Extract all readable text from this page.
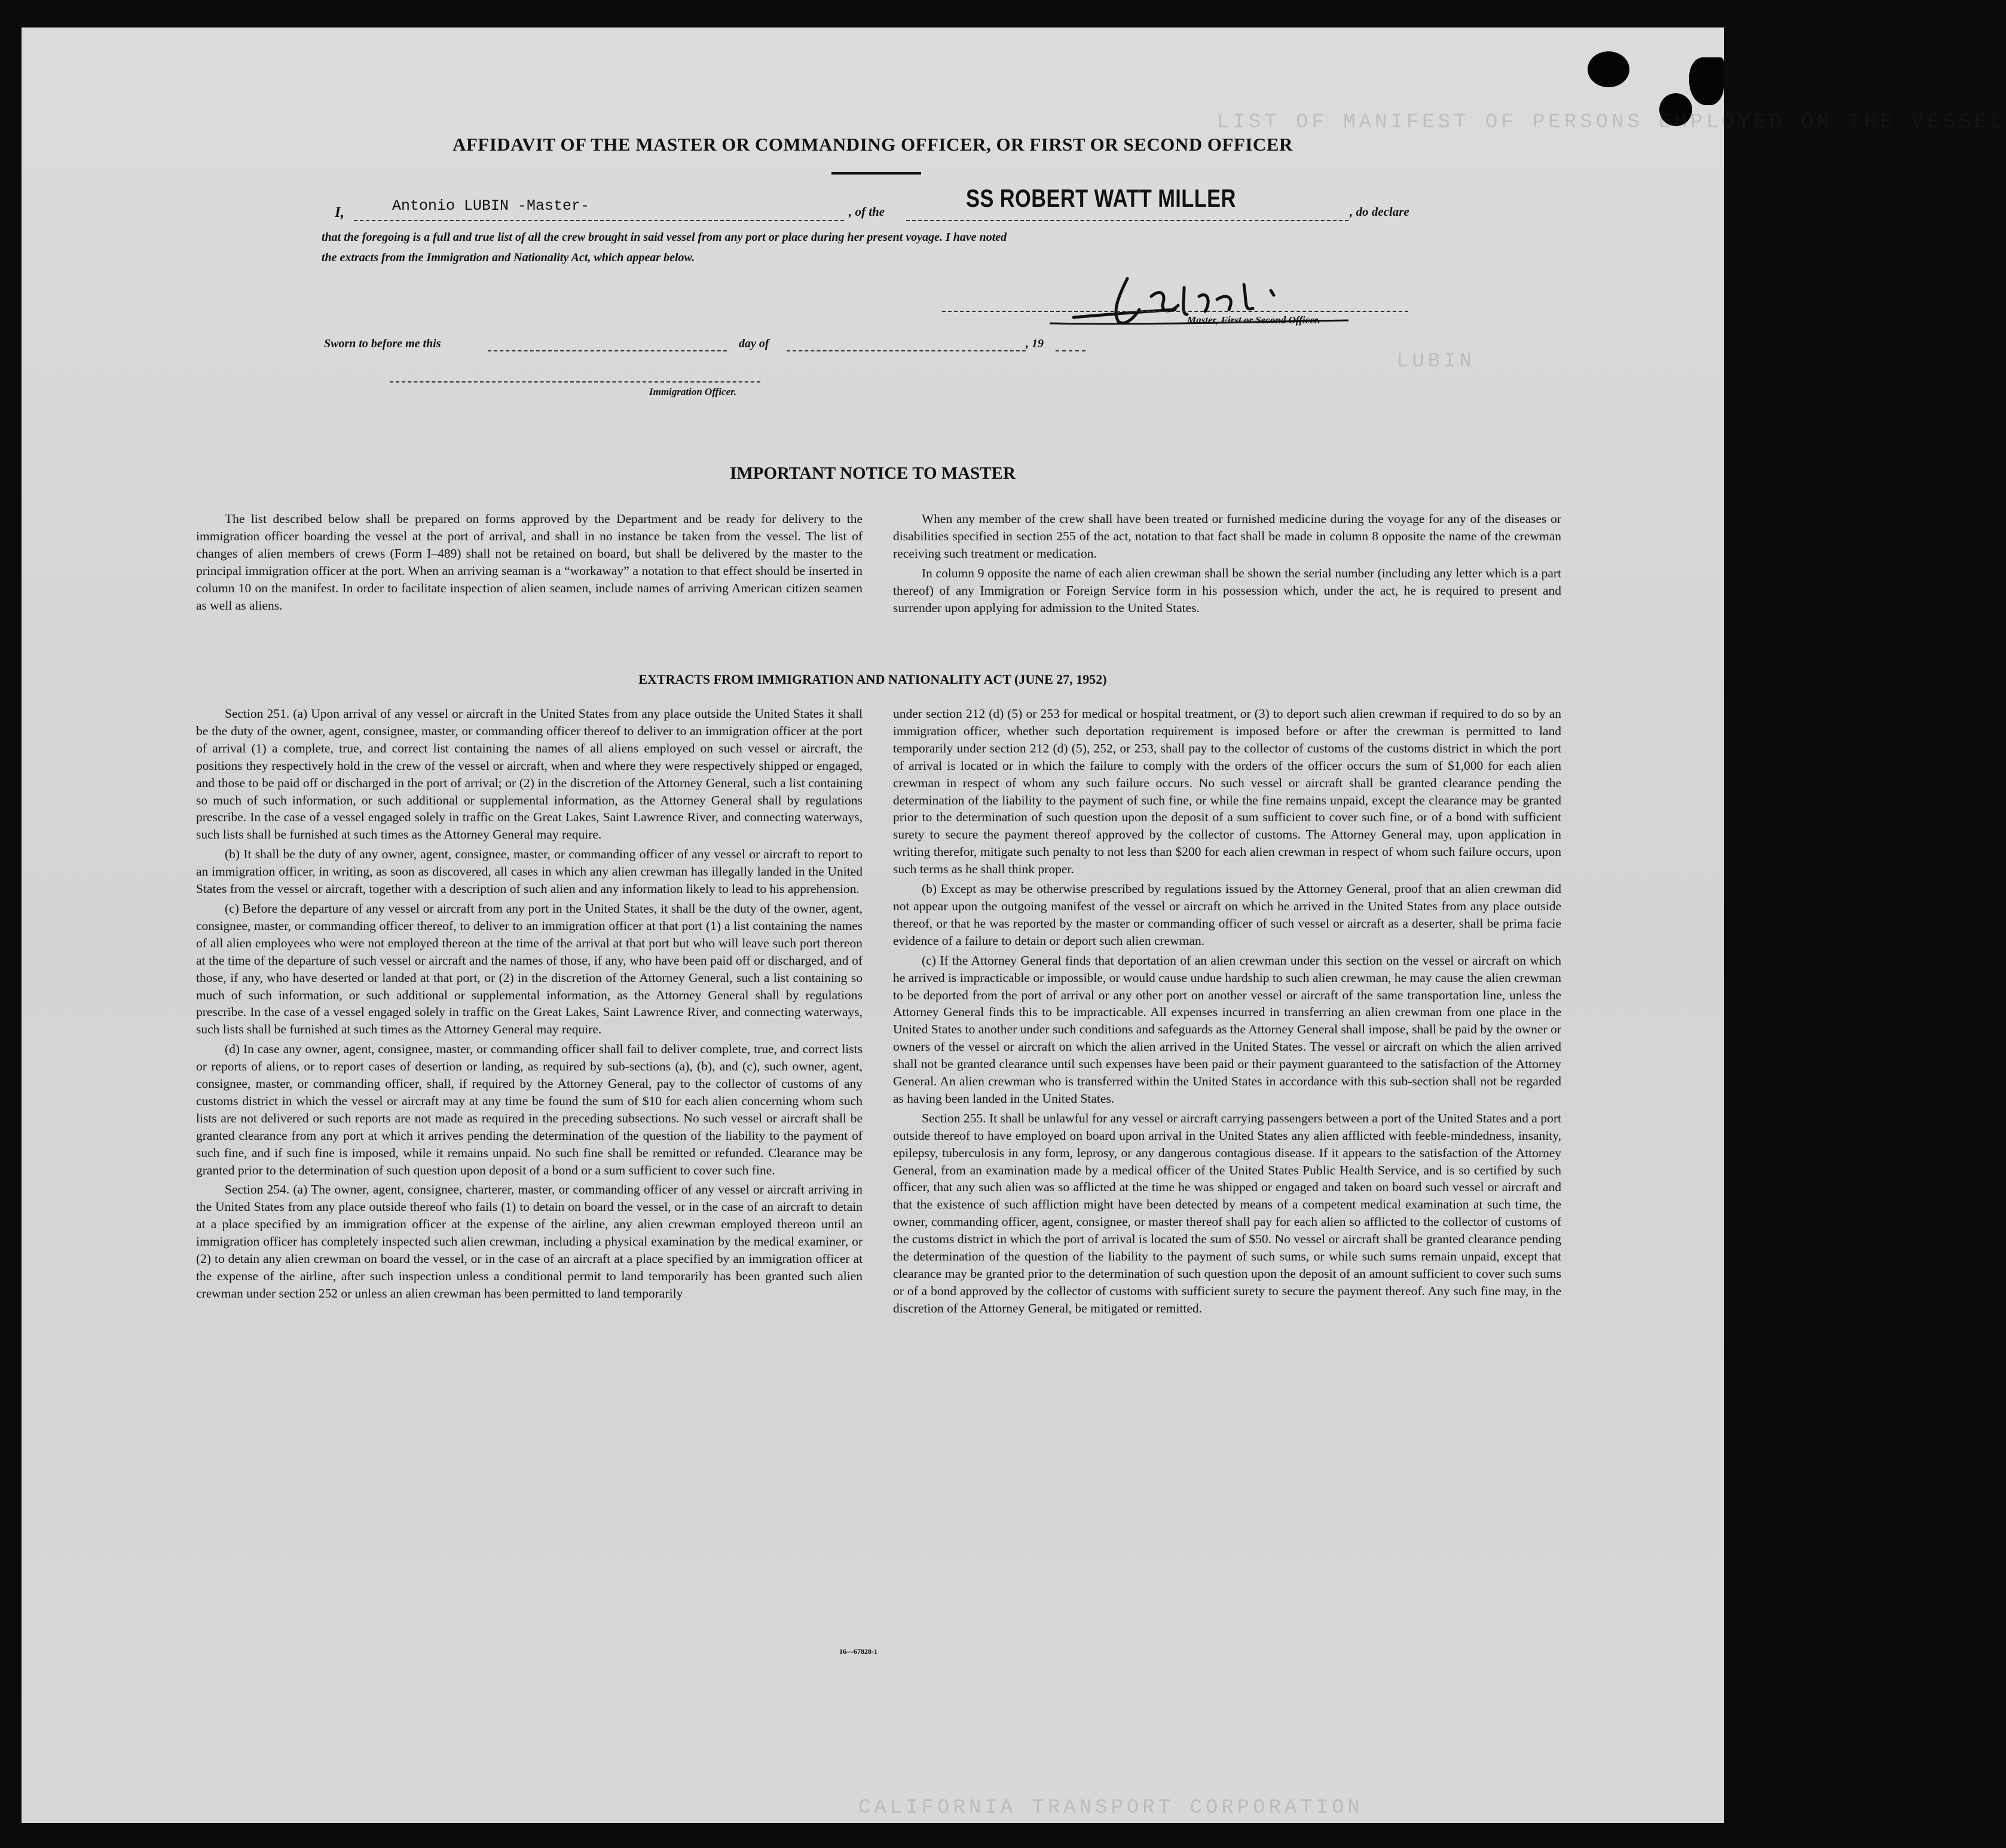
LIST OF MANIFEST OF PERSONS EMPLOYED ON THE VESSEL
LUBIN
CALIFORNIA TRANSPORT CORPORATION
AFFIDAVIT OF THE MASTER OR COMMANDING OFFICER, OR FIRST OR SECOND OFFICER
I,	Antonio LUBIN -Master-	, of the	SS ROBERT WATT MILLER	, do declare
that the foregoing is a full and true list of all the crew brought in said vessel from any port or place during her present voyage. I have noted
the extracts from the Immigration and Nationality Act, which appear below.
Master, First or Second Officer.
Sworn to before me this	day of	, 19
Immigration Officer.
IMPORTANT NOTICE TO MASTER

The list described below shall be prepared on forms approved by the Department and be ready for delivery to the immigration officer boarding the vessel at the port of arrival, and shall in no instance be taken from the vessel. The list of changes of alien members of crews (Form I–489) shall not be retained on board, but shall be delivered by the master to the principal immigration officer at the port. When an arriving seaman is a “workaway” a notation to that effect should be inserted in column 10 on the manifest. In order to facilitate inspection of alien seamen, include names of arriving American citizen seamen as well as aliens.

When any member of the crew shall have been treated or furnished medicine during the voyage for any of the diseases or disabilities specified in section 255 of the act, notation to that fact shall be made in column 8 opposite the name of the crewman receiving such treatment or medication.

In column 9 opposite the name of each alien crewman shall be shown the serial number (including any letter which is a part thereof) of any Immigration or Foreign Service form in his possession which, under the act, he is required to present and surrender upon applying for admission to the United States.

EXTRACTS FROM IMMIGRATION AND NATIONALITY ACT (JUNE 27, 1952)

Section 251. (a) Upon arrival of any vessel or aircraft in the United States from any place outside the United States it shall be the duty of the owner, agent, consignee, master, or commanding officer thereof to deliver to an immigration officer at the port of arrival (1) a complete, true, and correct list containing the names of all aliens employed on such vessel or aircraft, the positions they respectively hold in the crew of the vessel or aircraft, when and where they were respectively shipped or engaged, and those to be paid off or discharged in the port of arrival; or (2) in the discretion of the Attorney General, such a list containing so much of such information, or such additional or supplemental information, as the Attorney General shall by regulations prescribe. In the case of a vessel engaged solely in traffic on the Great Lakes, Saint Lawrence River, and connecting waterways, such lists shall be furnished at such times as the Attorney General may require.

(b) It shall be the duty of any owner, agent, consignee, master, or commanding officer of any vessel or aircraft to report to an immigration officer, in writing, as soon as discovered, all cases in which any alien crewman has illegally landed in the United States from the vessel or aircraft, together with a description of such alien and any information likely to lead to his apprehension.

(c) Before the departure of any vessel or aircraft from any port in the United States, it shall be the duty of the owner, agent, consignee, master, or commanding officer thereof, to deliver to an immigration officer at that port (1) a list containing the names of all alien employees who were not employed thereon at the time of the arrival at that port but who will leave such port thereon at the time of the departure of such vessel or aircraft and the names of those, if any, who have been paid off or discharged, and of those, if any, who have deserted or landed at that port, or (2) in the discretion of the Attorney General, such a list containing so much of such information, or such additional or supplemental information, as the Attorney General shall by regulations prescribe. In the case of a vessel engaged solely in traffic on the Great Lakes, Saint Lawrence River, and connecting waterways, such lists shall be furnished at such times as the Attorney General may require.

(d) In case any owner, agent, consignee, master, or commanding officer shall fail to deliver complete, true, and correct lists or reports of aliens, or to report cases of desertion or landing, as required by sub-sections (a), (b), and (c), such owner, agent, consignee, master, or commanding officer, shall, if required by the Attorney General, pay to the collector of customs of any customs district in which the vessel or aircraft may at any time be found the sum of $10 for each alien concerning whom such lists are not delivered or such reports are not made as required in the preceding subsections. No such vessel or aircraft shall be granted clearance from any port at which it arrives pending the determination of the question of the liability to the payment of such fine, and if such fine is imposed, while it remains unpaid. No such fine shall be remitted or refunded. Clearance may be granted prior to the determination of such question upon deposit of a bond or a sum sufficient to cover such fine.

Section 254. (a) The owner, agent, consignee, charterer, master, or commanding officer of any vessel or aircraft arriving in the United States from any place outside thereof who fails (1) to detain on board the vessel, or in the case of an aircraft to detain at a place specified by an immigration officer at the expense of the airline, any alien crewman employed thereon until an immigration officer has completely inspected such alien crewman, including a physical examination by the medical examiner, or (2) to detain any alien crewman on board the vessel, or in the case of an aircraft at a place specified by an immigration officer at the expense of the airline, after such inspection unless a conditional permit to land temporarily has been granted such alien crewman under section 252 or unless an alien crewman has been permitted to land temporarily

under section 212 (d) (5) or 253 for medical or hospital treatment, or (3) to deport such alien crewman if required to do so by an immigration officer, whether such deportation requirement is imposed before or after the crewman is permitted to land temporarily under section 212 (d) (5), 252, or 253, shall pay to the collector of customs of the customs district in which the port of arrival is located or in which the failure to comply with the orders of the officer occurs the sum of $1,000 for each alien crewman in respect of whom any such failure occurs. No such vessel or aircraft shall be granted clearance pending the determination of the liability to the payment of such fine, or while the fine remains unpaid, except the clearance may be granted prior to the determination of such question upon the deposit of a sum sufficient to cover such fine, or of a bond with sufficient surety to secure the payment thereof approved by the collector of customs. The Attorney General may, upon application in writing therefor, mitigate such penalty to not less than $200 for each alien crewman in respect of whom such failure occurs, upon such terms as he shall think proper.

(b) Except as may be otherwise prescribed by regulations issued by the Attorney General, proof that an alien crewman did not appear upon the outgoing manifest of the vessel or aircraft on which he arrived in the United States from any place outside thereof, or that he was reported by the master or commanding officer of such vessel or aircraft as a deserter, shall be prima facie evidence of a failure to detain or deport such alien crewman.

(c) If the Attorney General finds that deportation of an alien crewman under this section on the vessel or aircraft on which he arrived is impracticable or impossible, or would cause undue hardship to such alien crewman, he may cause the alien crewman to be deported from the port of arrival or any other port on another vessel or aircraft of the same transportation line, unless the Attorney General finds this to be impracticable. All expenses incurred in transferring an alien crewman from one place in the United States to another under such conditions and safeguards as the Attorney General shall impose, shall be paid by the owner or owners of the vessel or aircraft on which the alien arrived in the United States. The vessel or aircraft on which the alien arrived shall not be granted clearance until such expenses have been paid or their payment guaranteed to the satisfaction of the Attorney General. An alien crewman who is transferred within the United States in accordance with this sub-section shall not be regarded as having been landed in the United States.

Section 255. It shall be unlawful for any vessel or aircraft carrying passengers between a port of the United States and a port outside thereof to have employed on board upon arrival in the United States any alien afflicted with feeble-mindedness, insanity, epilepsy, tuberculosis in any form, leprosy, or any dangerous contagious disease. If it appears to the satisfaction of the Attorney General, from an examination made by a medical officer of the United States Public Health Service, and is so certified by such officer, that any such alien was so afflicted at the time he was shipped or engaged and taken on board such vessel or aircraft and that the existence of such affliction might have been detected by means of a competent medical examination at such time, the owner, commanding officer, agent, consignee, or master thereof shall pay for each alien so afflicted to the collector of customs of the customs district in which the port of arrival is located the sum of $50. No vessel or aircraft shall be granted clearance pending the determination of the question of the liability to the payment of such sums, or while such sums remain unpaid, except that clearance may be granted prior to the determination of such question upon the deposit of an amount sufficient to cover such sums or of a bond approved by the collector of customs with sufficient surety to secure the payment thereof. Any such fine may, in the discretion of the Attorney General, be mitigated or remitted.

16—67828-1
